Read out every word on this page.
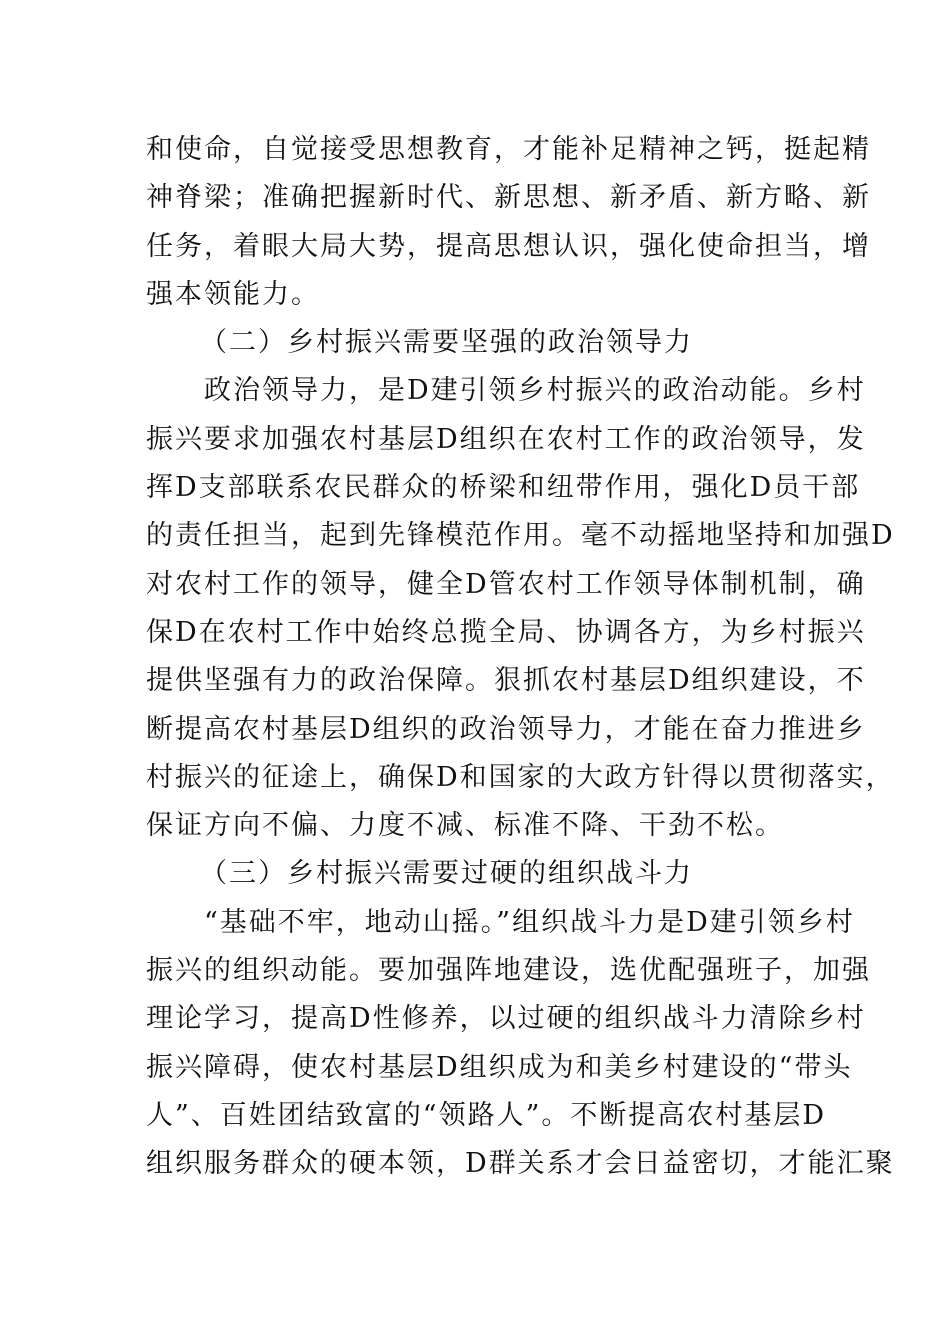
和使命，自觉接受思想教育，才能补足精神之钙，挺起精
神脊梁；准确把握新时代、新思想、新矛盾、新方略、新
任务，着眼大局大势，提高思想认识，强化使命担当，增
强本领能力。
（二）乡村振兴需要坚强的政治领导力
　　政治领导力，是D建引领乡村振兴的政治动能。乡村
振兴要求加强农村基层D组织在农村工作的政治领导，发
挥D支部联系农民群众的桥梁和纽带作用，强化D员干部
的责任担当，起到先锋模范作用。毫不动摇地坚持和加强D
对农村工作的领导，健全D管农村工作领导体制机制，确
保D在农村工作中始终总揽全局、协调各方，为乡村振兴
提供坚强有力的政治保障。狠抓农村基层D组织建设，不
断提高农村基层D组织的政治领导力，才能在奋力推进乡
村振兴的征途上，确保D和国家的大政方针得以贯彻落实，
保证方向不偏、力度不减、标准不降、干劲不松。
（三）乡村振兴需要过硬的组织战斗力
　　“基础不牢，地动山摇。”组织战斗力是D建引领乡村
振兴的组织动能。要加强阵地建设，选优配强班子，加强
理论学习，提高D性修养，以过硬的组织战斗力清除乡村
振兴障碍，使农村基层D组织成为和美乡村建设的“带头
人”、百姓团结致富的“领路人”。不断提高农村基层D
组织服务群众的硬本领，D群关系才会日益密切，才能汇聚
